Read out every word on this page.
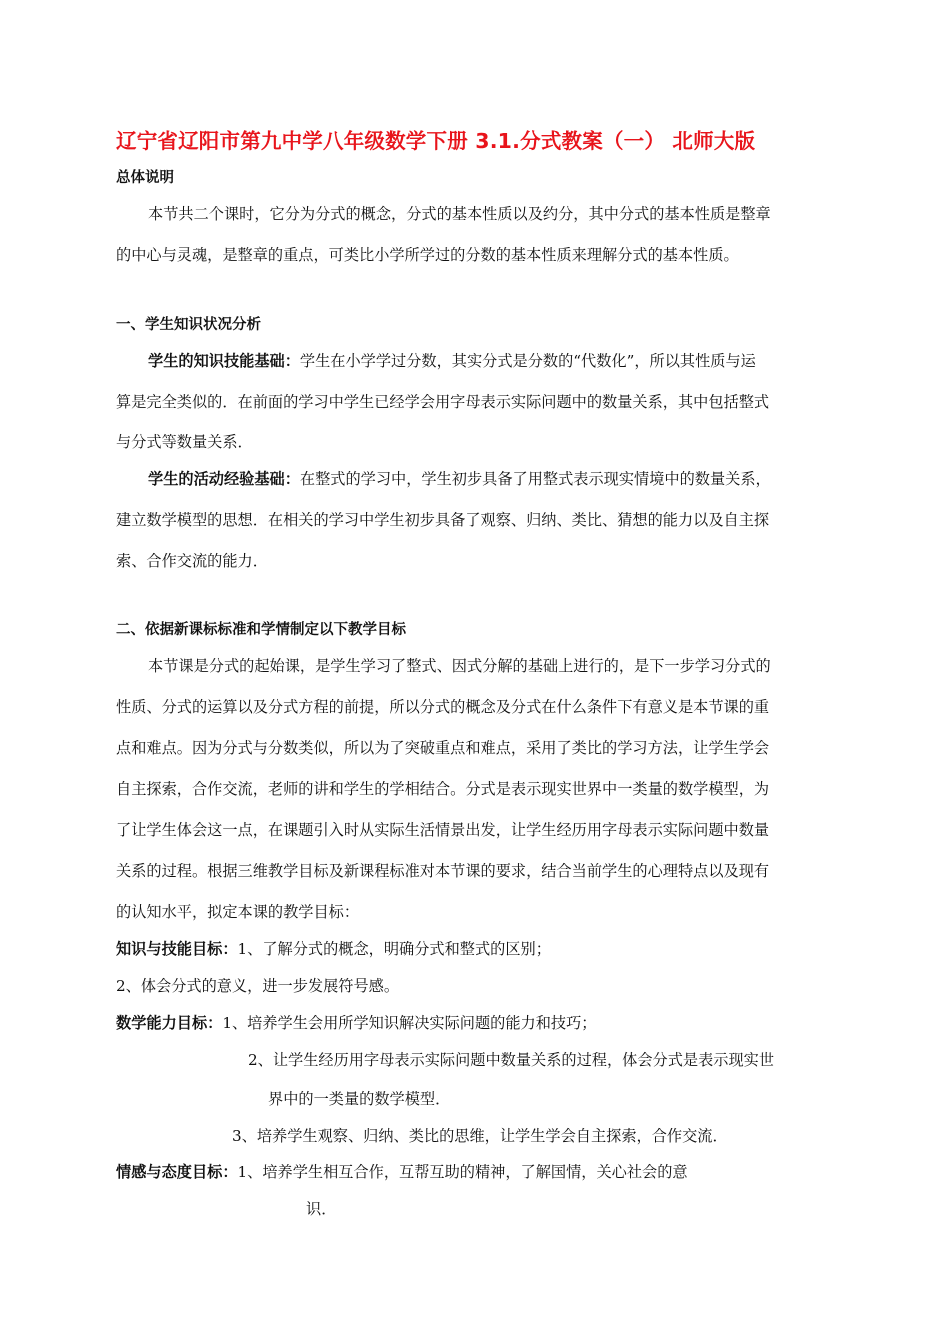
辽宁省辽阳市第九中学八年级数学下册 3.1.分式教案（一） 北师大版
总体说明
本节共二个课时，它分为分式的概念，分式的基本性质以及约分，其中分式的基本性质是整章
的中心与灵魂，是整章的重点，可类比小学所学过的分数的基本性质来理解分式的基本性质。
一、学生知识状况分析
学生的知识技能基础：学生在小学学过分数，其实分式是分数的“代数化”，所以其性质与运
算是完全类似的．在前面的学习中学生已经学会用字母表示实际问题中的数量关系，其中包括整式
与分式等数量关系．
学生的活动经验基础：在整式的学习中，学生初步具备了用整式表示现实情境中的数量关系，
建立数学模型的思想．在相关的学习中学生初步具备了观察、归纳、类比、猜想的能力以及自主探
索、合作交流的能力．
二、依据新课标标准和学情制定以下教学目标
本节课是分式的起始课，是学生学习了整式、因式分解的基础上进行的，是下一步学习分式的
性质、分式的运算以及分式方程的前提，所以分式的概念及分式在什么条件下有意义是本节课的重
点和难点。因为分式与分数类似，所以为了突破重点和难点，采用了类比的学习方法，让学生学会
自主探索，合作交流，老师的讲和学生的学相结合。分式是表示现实世界中一类量的数学模型，为
了让学生体会这一点，在课题引入时从实际生活情景出发，让学生经历用字母表示实际问题中数量
关系的过程。根据三维教学目标及新课程标准对本节课的要求，结合当前学生的心理特点以及现有
的认知水平，拟定本课的教学目标：
知识与技能目标：1、了解分式的概念，明确分式和整式的区别；
2、体会分式的意义，进一步发展符号感。
数学能力目标：1、培养学生会用所学知识解决实际问题的能力和技巧；
2、让学生经历用字母表示实际问题中数量关系的过程，体会分式是表示现实世
界中的一类量的数学模型．
3、培养学生观察、归纳、类比的思维，让学生学会自主探索，合作交流．
情感与态度目标：1、培养学生相互合作，互帮互助的精神，了解国情，关心社会的意
识．
